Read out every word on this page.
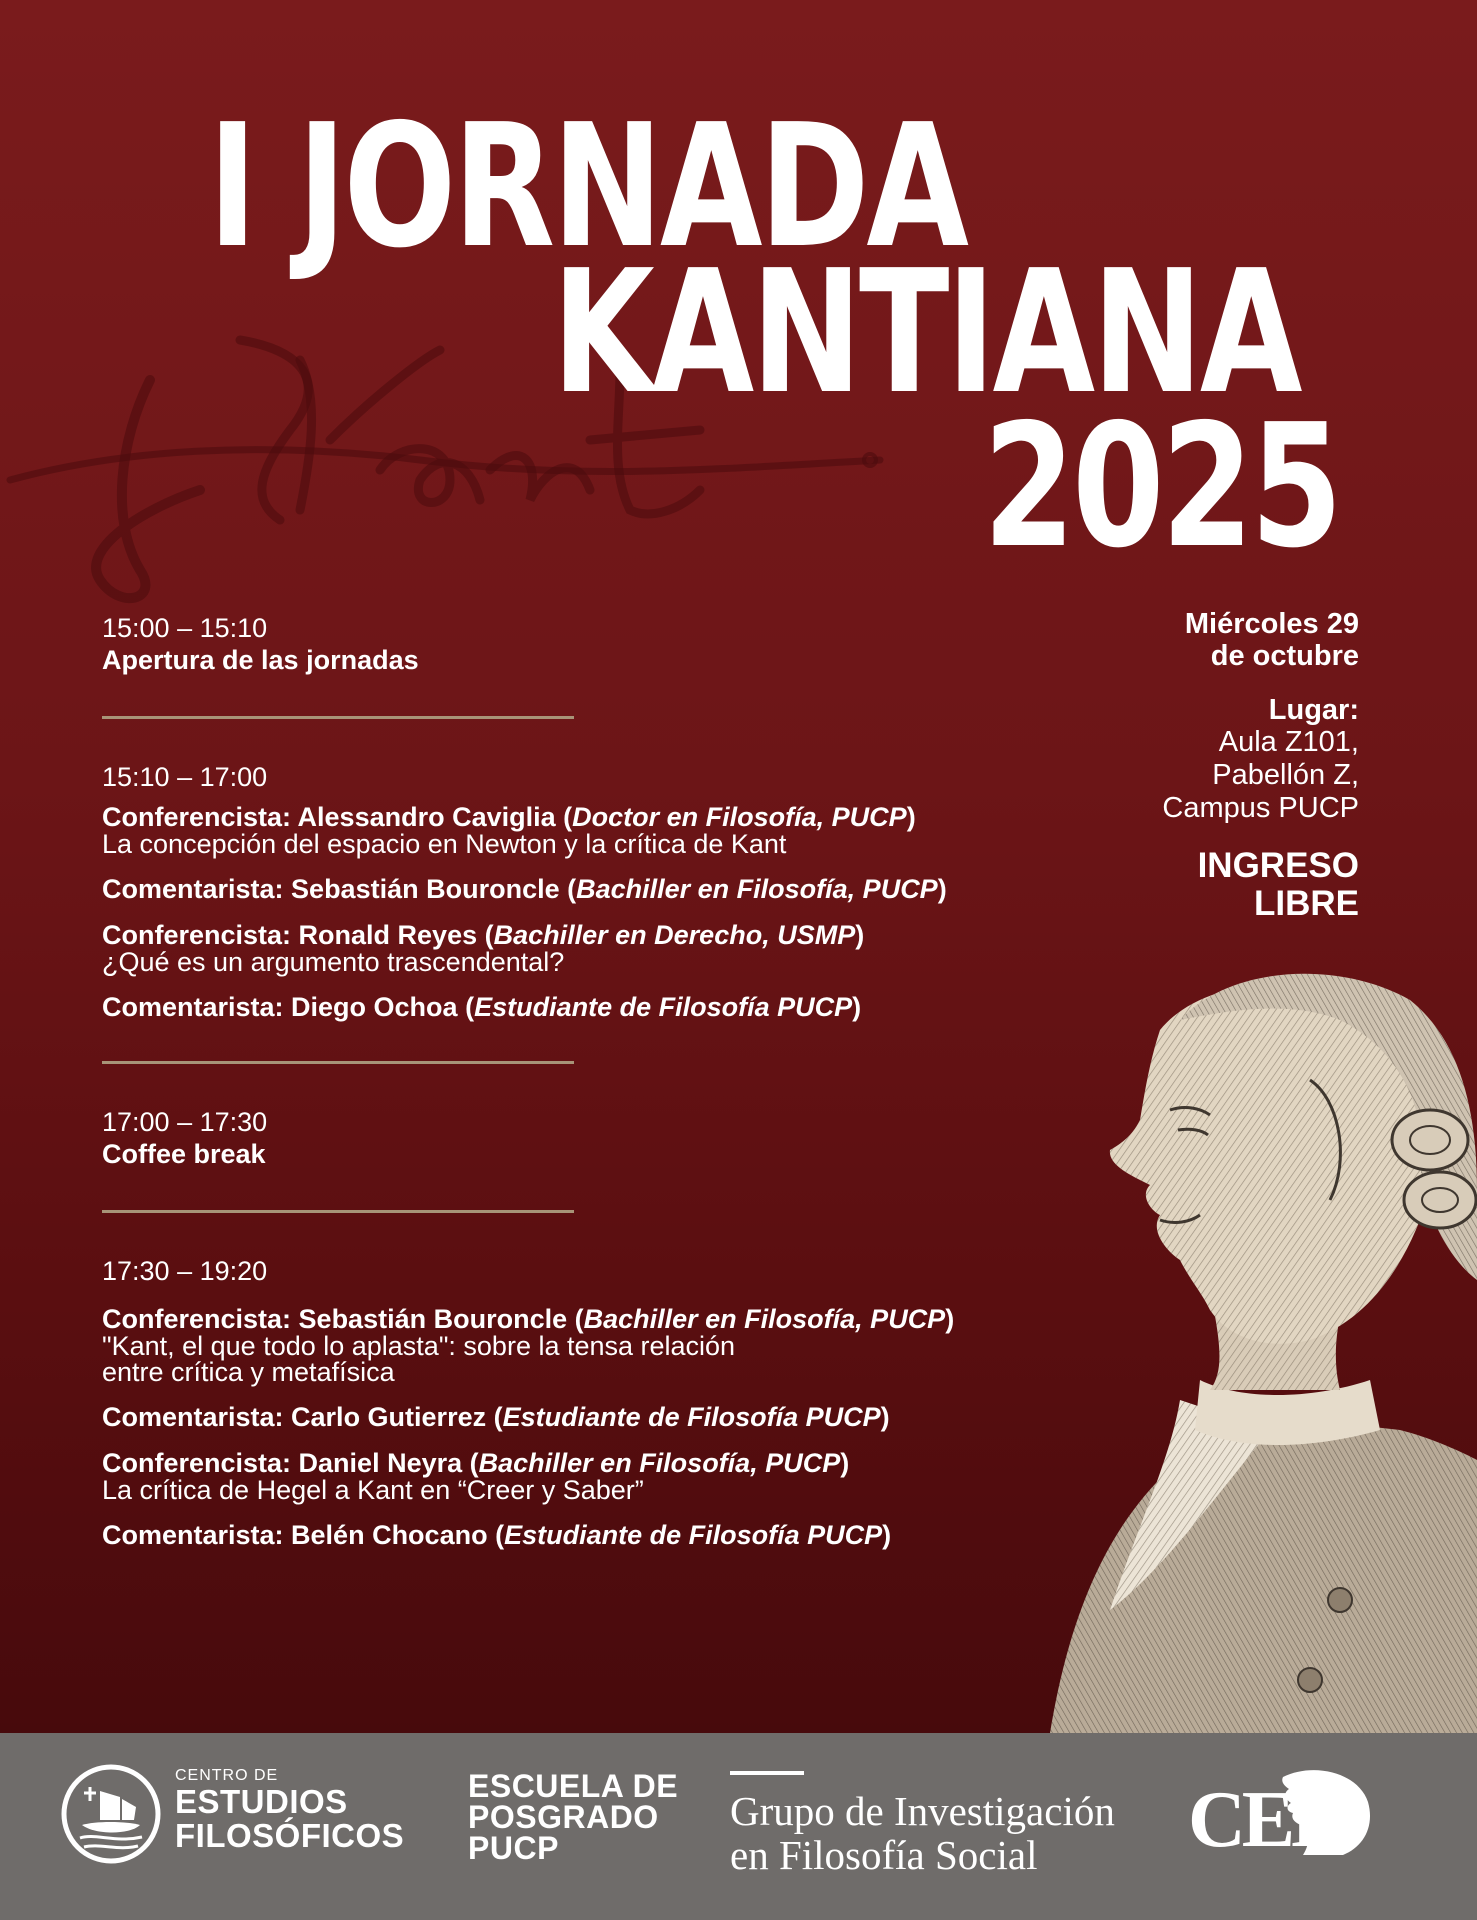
I JORNADA
KANTIANA
2025
15:00 – 15:10
Apertura de las jornadas
15:10 – 17:00
Conferencista: Alessandro Caviglia (Doctor en Filosofía, PUCP)
La concepción del espacio en Newton y la crítica de Kant
Comentarista: Sebastián Bouroncle (Bachiller en Filosofía, PUCP)
Conferencista: Ronald Reyes (Bachiller en Derecho, USMP)
¿Qué es un argumento trascendental?
Comentarista: Diego Ochoa (Estudiante de Filosofía PUCP)
17:00 – 17:30
Coffee break
17:30 – 19:20
Conferencista: Sebastián Bouroncle (Bachiller en Filosofía, PUCP)
"Kant, el que todo lo aplasta": sobre la tensa relación
entre crítica y metafísica
Comentarista: Carlo Gutierrez (Estudiante de Filosofía PUCP)
Conferencista: Daniel Neyra (Bachiller en Filosofía, PUCP)
La crítica de Hegel a Kant en “Creer y Saber”
Comentarista: Belén Chocano (Estudiante de Filosofía PUCP)
Miércoles 29
de octubre
Lugar:
Aula Z101,
Pabellón Z,
Campus PUCP
INGRESO
LIBRE
CENTRO DE
ESTUDIOS
FILOSÓFICOS
ESCUELA DE
POSGRADO
PUCP
Grupo de Investigación
en Filosofía Social	CEK
